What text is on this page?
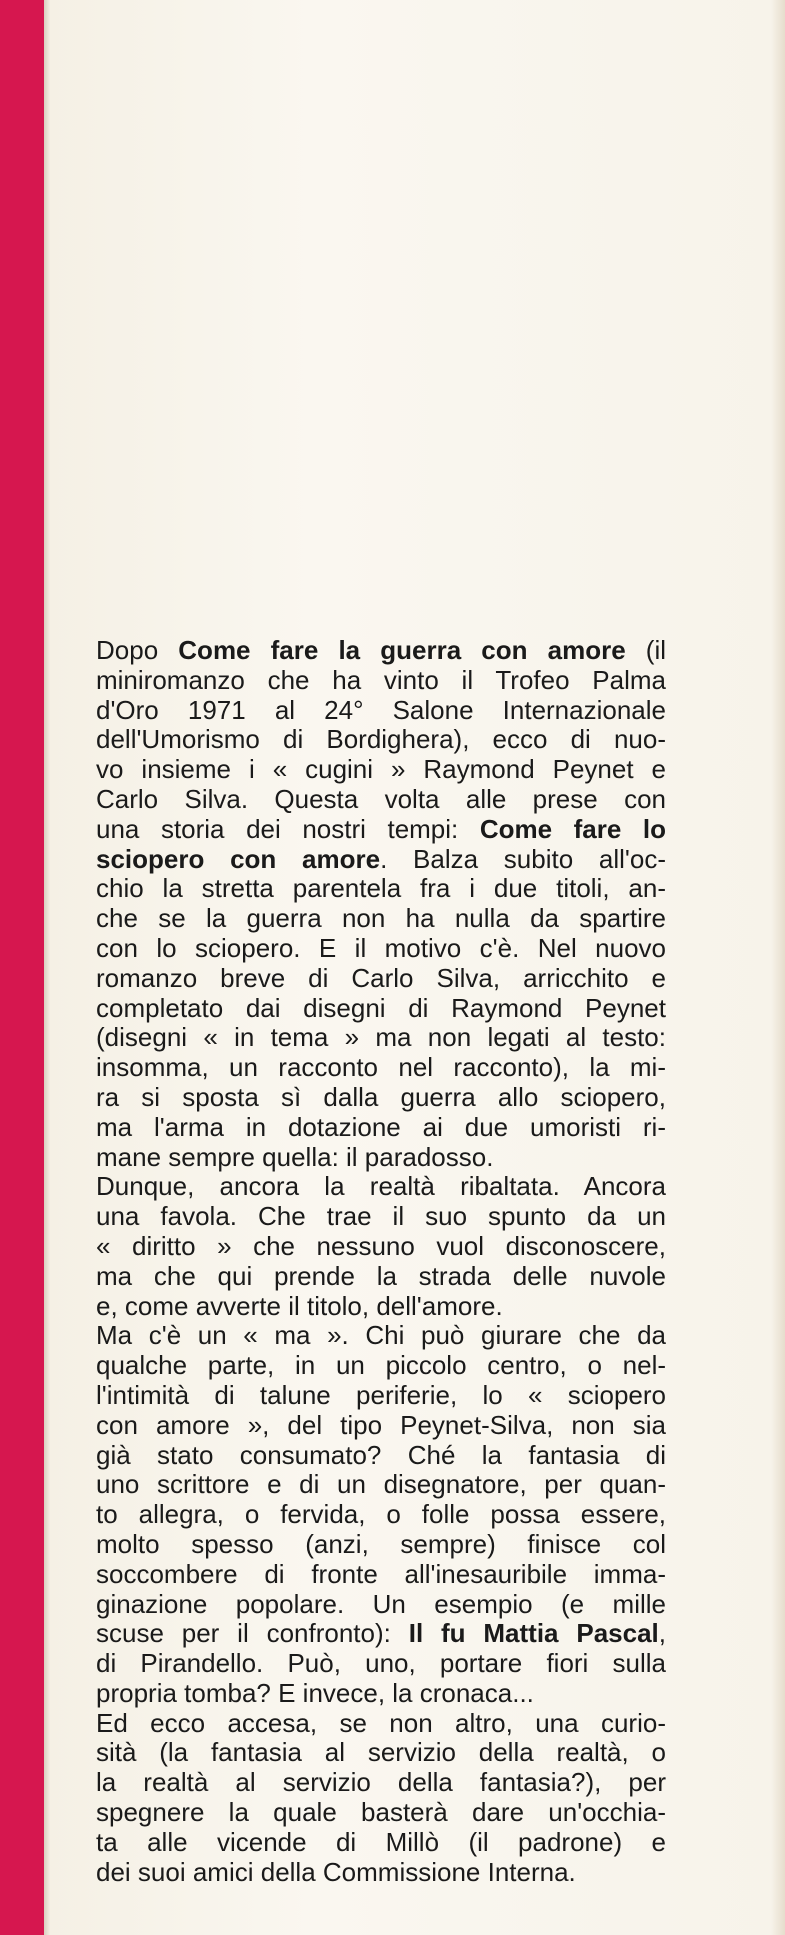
Dopo Come fare la guerra con amore (il
miniromanzo che ha vinto il Trofeo Palma
d'Oro 1971 al 24° Salone Internazionale
dell'Umorismo di Bordighera), ecco di nuo-
vo insieme i « cugini » Raymond Peynet e
Carlo Silva. Questa volta alle prese con
una storia dei nostri tempi: Come fare lo
sciopero con amore. Balza subito all'oc-
chio la stretta parentela fra i due titoli, an-
che se la guerra non ha nulla da spartire
con lo sciopero. E il motivo c'è. Nel nuovo
romanzo breve di Carlo Silva, arricchito e
completato dai disegni di Raymond Peynet
(disegni « in tema » ma non legati al testo:
insomma, un racconto nel racconto), la mi-
ra si sposta sì dalla guerra allo sciopero,
ma l'arma in dotazione ai due umoristi ri-
mane sempre quella: il paradosso.
Dunque, ancora la realtà ribaltata. Ancora
una favola. Che trae il suo spunto da un
« diritto » che nessuno vuol disconoscere,
ma che qui prende la strada delle nuvole
e, come avverte il titolo, dell'amore.
Ma c'è un « ma ». Chi può giurare che da
qualche parte, in un piccolo centro, o nel-
l'intimità di talune periferie, lo « sciopero
con amore », del tipo Peynet-Silva, non sia
già stato consumato? Ché la fantasia di
uno scrittore e di un disegnatore, per quan-
to allegra, o fervida, o folle possa essere,
molto spesso (anzi, sempre) finisce col
soccombere di fronte all'inesauribile imma-
ginazione popolare. Un esempio (e mille
scuse per il confronto): Il fu Mattia Pascal,
di Pirandello. Può, uno, portare fiori sulla
propria tomba? E invece, la cronaca...
Ed ecco accesa, se non altro, una curio-
sità (la fantasia al servizio della realtà, o
la realtà al servizio della fantasia?), per
spegnere la quale basterà dare un'occhia-
ta alle vicende di Millò (il padrone) e
dei suoi amici della Commissione Interna.
